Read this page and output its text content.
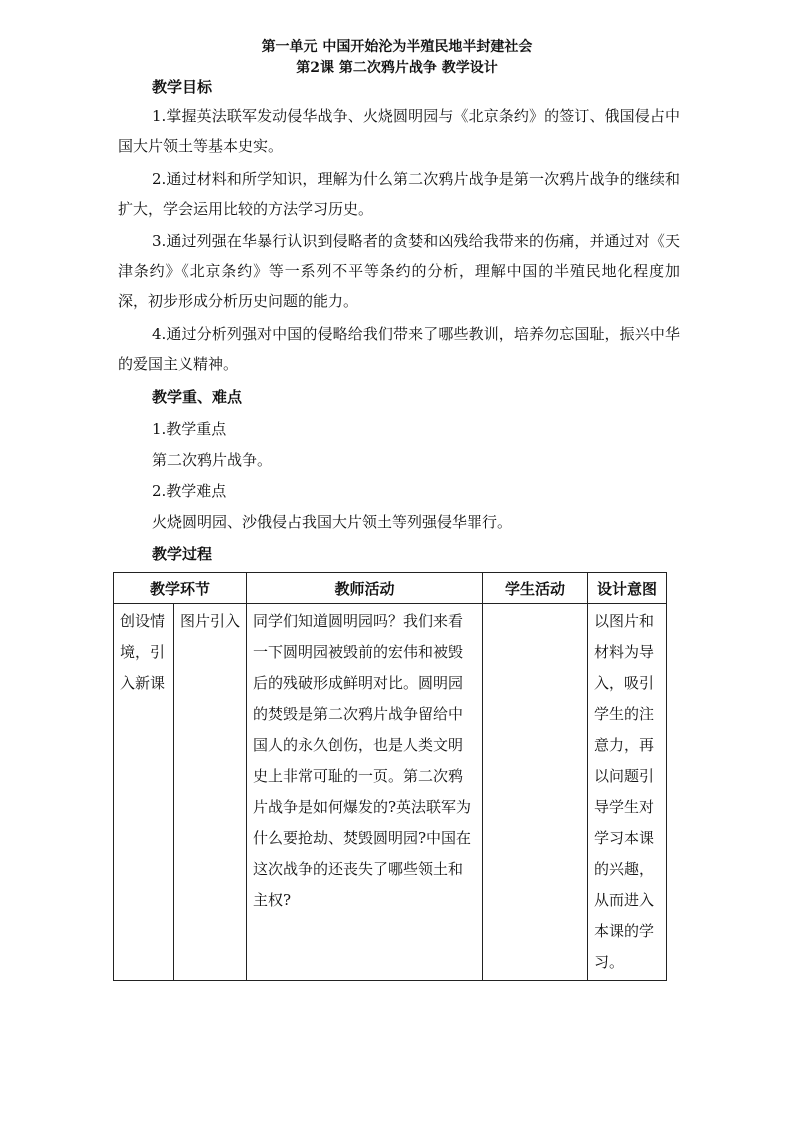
第一单元 中国开始沦为半殖民地半封建社会
第2课 第二次鸦片战争 教学设计
教学目标
1.掌握英法联军发动侵华战争、火烧圆明园与《北京条约》的签订、俄国侵占中国大片领土等基本史实。
2.通过材料和所学知识，理解为什么第二次鸦片战争是第一次鸦片战争的继续和扩大，学会运用比较的方法学习历史。
3.通过列强在华暴行认识到侵略者的贪婪和凶残给我带来的伤痛，并通过对《天津条约》《北京条约》等一系列不平等条约的分析，理解中国的半殖民地化程度加深，初步形成分析历史问题的能力。
4.通过分析列强对中国的侵略给我们带来了哪些教训，培养勿忘国耻，振兴中华的爱国主义精神。
教学重、难点
1.教学重点
第二次鸦片战争。
2.教学难点
火烧圆明园、沙俄侵占我国大片领土等列强侵华罪行。
教学过程
教学环节		教师活动	学生活动	设计意图

创设情境，引入新课	图片引入	同学们知道圆明园吗？我们来看一下圆明园被毁前的宏伟和被毁后的残破形成鲜明对比。圆明园的焚毁是第二次鸦片战争留给中国人的永久创伤，也是人类文明史上非常可耻的一页。第二次鸦片战争是如何爆发的?英法联军为什么要抢劫、焚毁圆明园?中国在这次战争的还丧失了哪些领土和主权?		以图片和材料为导入，吸引学生的注意力，再以问题引导学生对学习本课的兴趣，从而进入本课的学习。
